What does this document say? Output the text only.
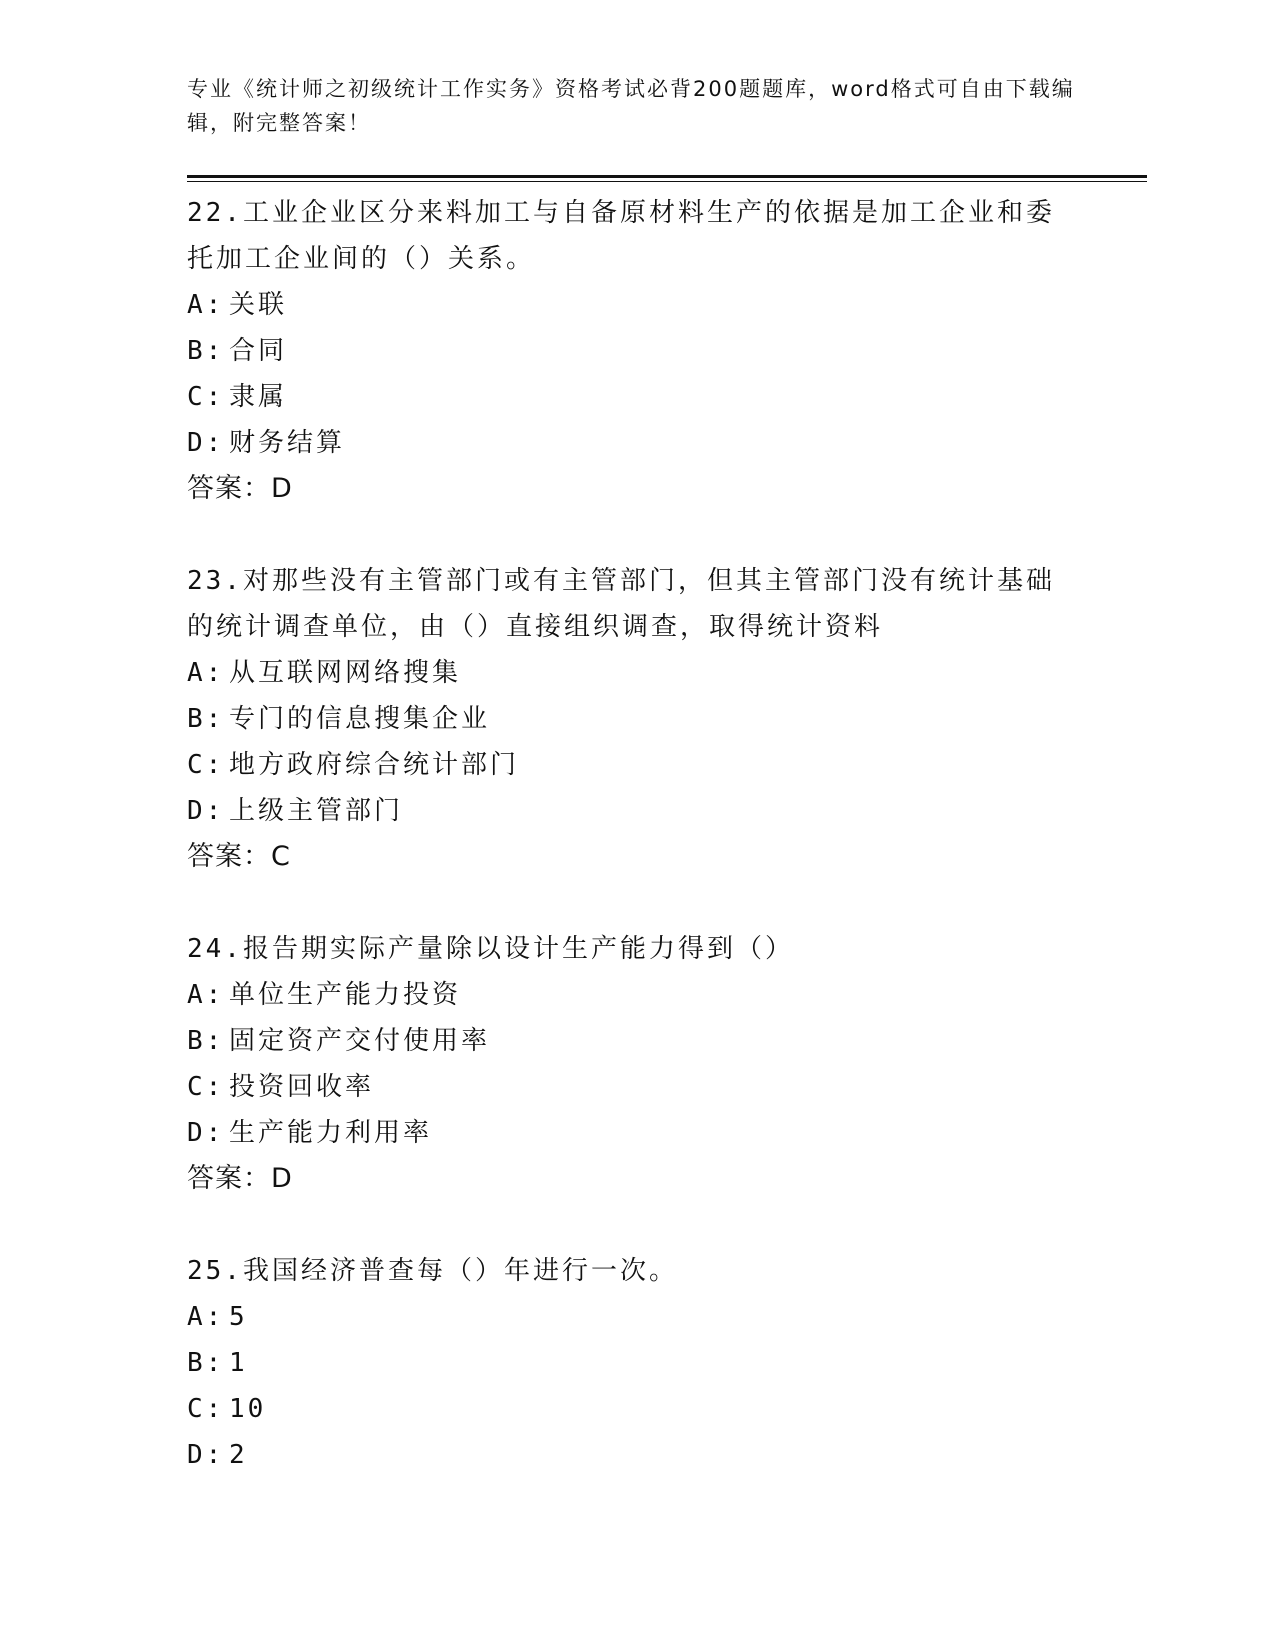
专业《统计师之初级统计工作实务》资格考试必背200题题库，word格式可自由下载编辑，附完整答案！

22.工业企业区分来料加工与自备原材料生产的依据是加工企业和委托加工企业间的（）关系。

A: 关联

B: 合同

C: 隶属

D: 财务结算

答案：D

23.对那些没有主管部门或有主管部门，但其主管部门没有统计基础的统计调查单位，由（）直接组织调查，取得统计资料

A: 从互联网网络搜集

B: 专门的信息搜集企业

C: 地方政府综合统计部门

D: 上级主管部门

答案：C

24.报告期实际产量除以设计生产能力得到（）

A: 单位生产能力投资

B: 固定资产交付使用率

C: 投资回收率

D: 生产能力利用率

答案：D

25.我国经济普查每（）年进行一次。

A: 5

B: 1

C: 10

D: 2
